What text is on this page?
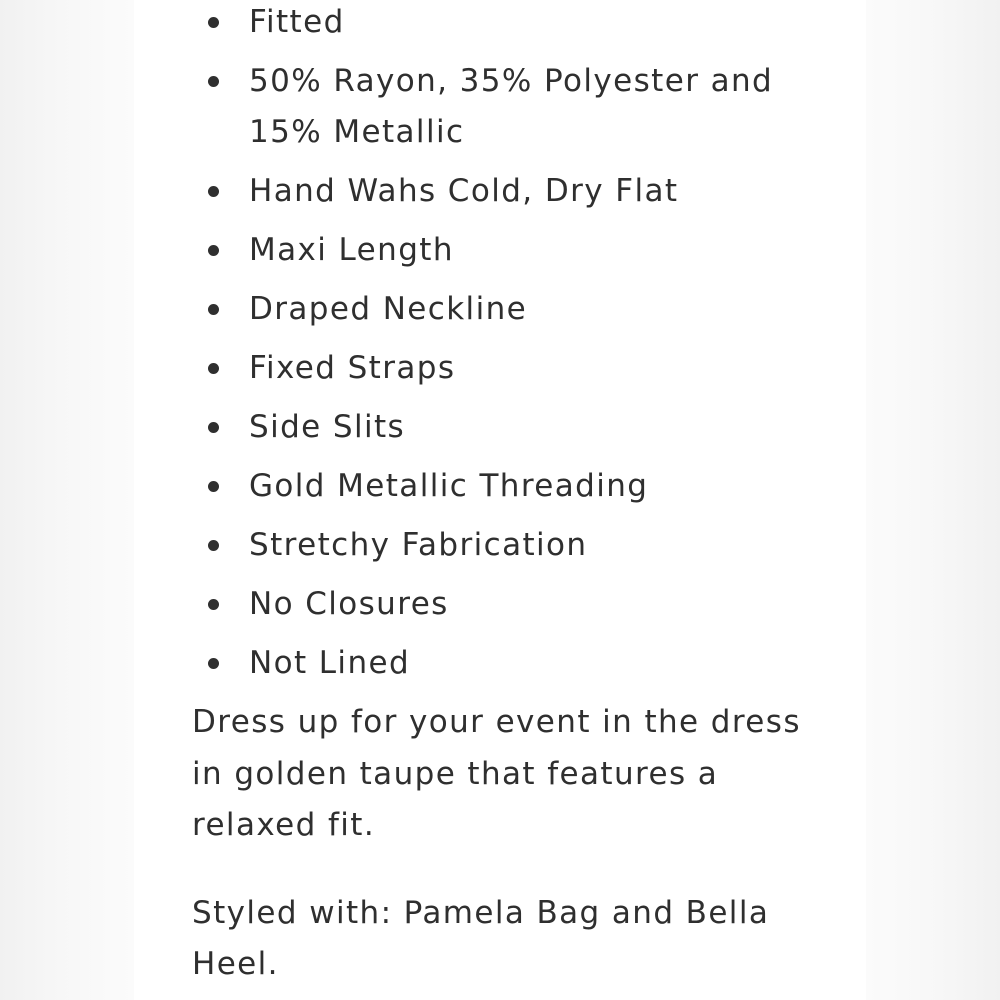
Fitted
50% Rayon, 35% Polyester and 15% Metallic
Hand Wahs Cold, Dry Flat
Maxi Length
Draped Neckline
Fixed Straps
Side Slits
Gold Metallic Threading
Stretchy Fabrication
No Closures
Not Lined

Dress up for your event in the dress in golden taupe that features a relaxed fit.

Styled with: Pamela Bag and Bella Heel.
